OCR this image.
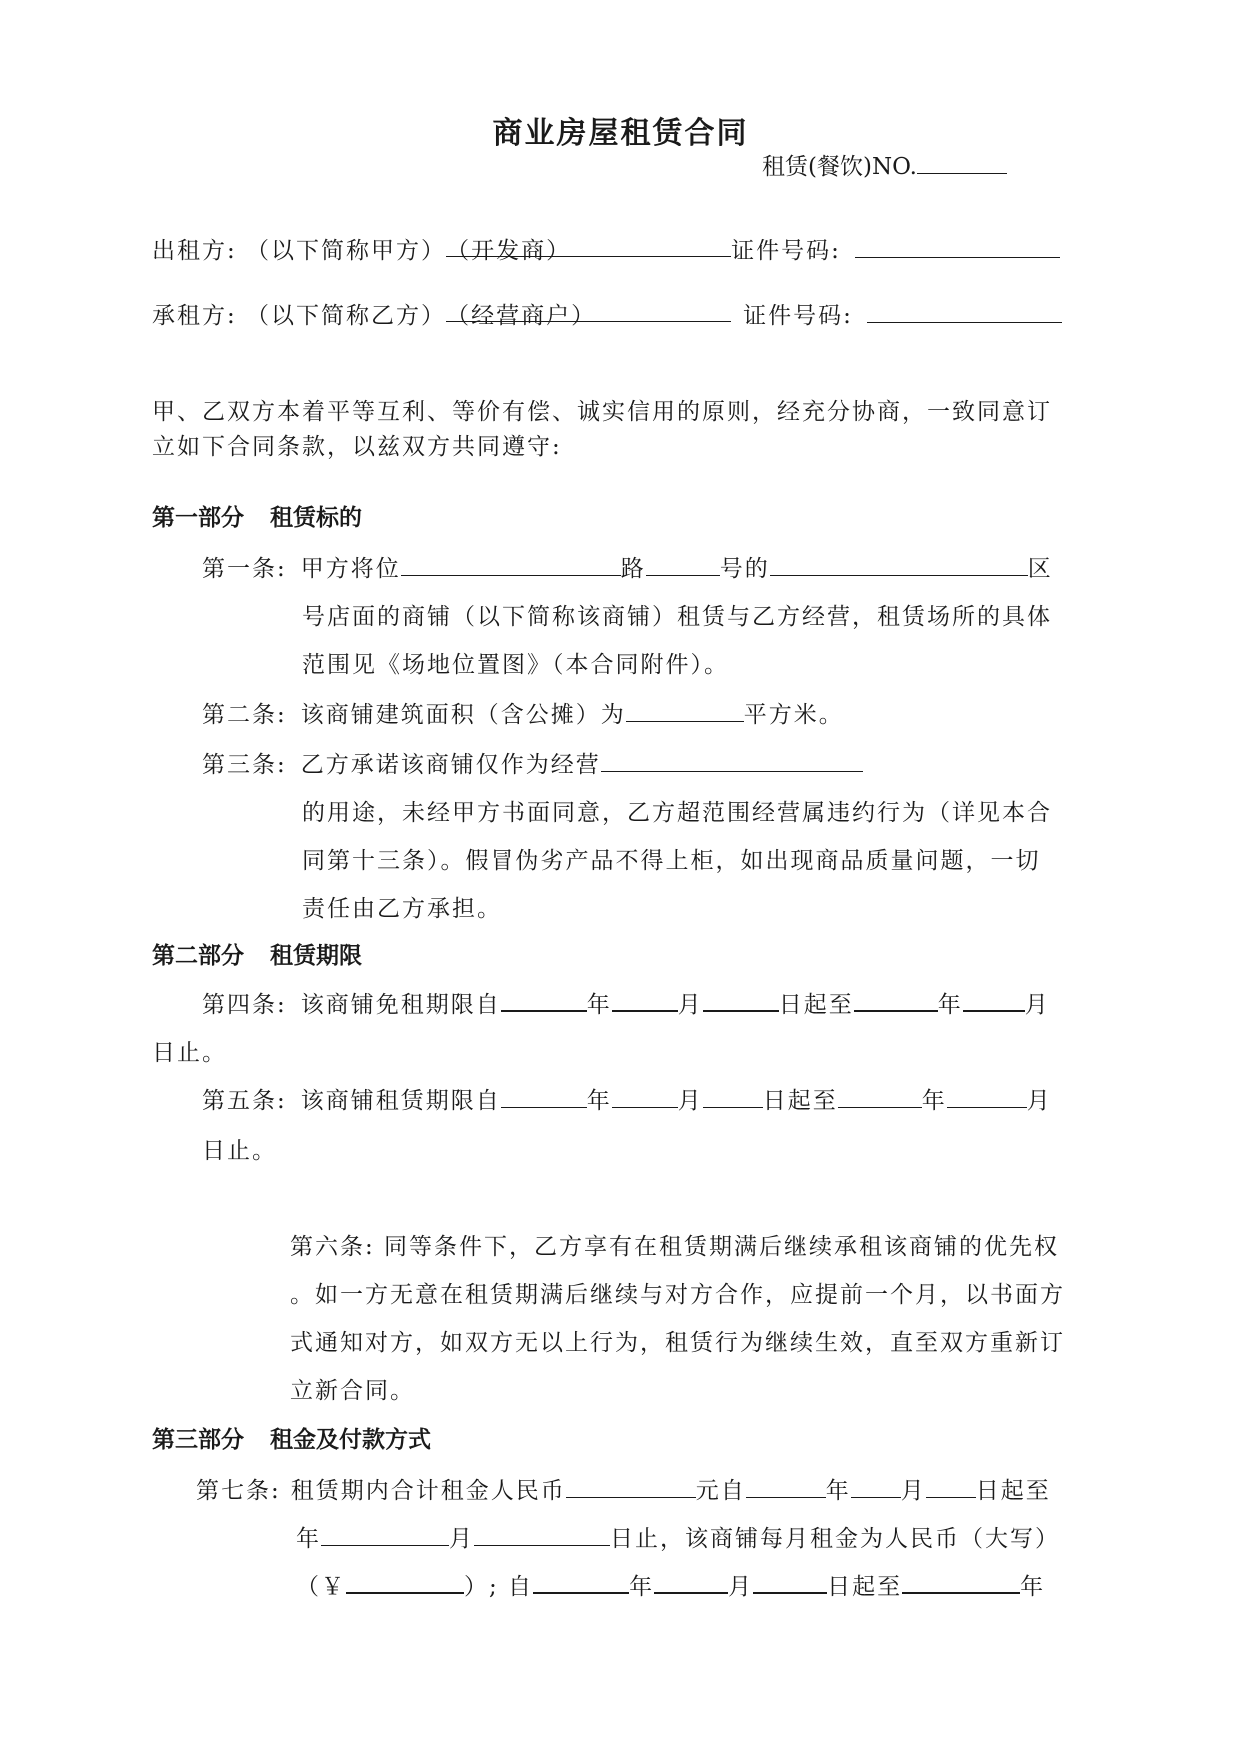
商业房屋租赁合同
租赁(餐饮)NO.
出租方: （以下简称甲方）（开发商）	证件号码:
承租方: （以下简称乙方）（经营商户）	证件号码:
甲、乙双方本着平等互利、等价有偿、诚实信用的原则，经充分协商，一致同意订
立如下合同条款，以兹双方共同遵守:
第一部分 租赁标的
第一条: 甲方将位	路	号的	区
号店面的商铺（以下简称该商铺）租赁与乙方经营，租赁场所的具体
范围见《场地位置图》（本合同附件）。
第二条: 该商铺建筑面积（含公摊）为	平方米。
第三条: 乙方承诺该商铺仅作为经营
的用途，未经甲方书面同意，乙方超范围经营属违约行为（详见本合
同第十三条）。假冒伪劣产品不得上柜，如出现商品质量问题，一切
责任由乙方承担。
第二部分 租赁期限
第四条: 该商铺免租期限自	年	月	日起至	年	月
日止。
第五条: 该商铺租赁期限自	年	月	日起至	年	月
日止。
第六条: 同等条件下，乙方享有在租赁期满后继续承租该商铺的优先权
。如一方无意在租赁期满后继续与对方合作，应提前一个月，以书面方
式通知对方，如双方无以上行为，租赁行为继续生效，直至双方重新订
立新合同。
第三部分 租金及付款方式
第七条: 租赁期内合计租金人民币	元自	年 月 日起至
年	月	日止，该商铺每月租金为人民币（大写）
（￥	）; 自	年	月	日起至	年
